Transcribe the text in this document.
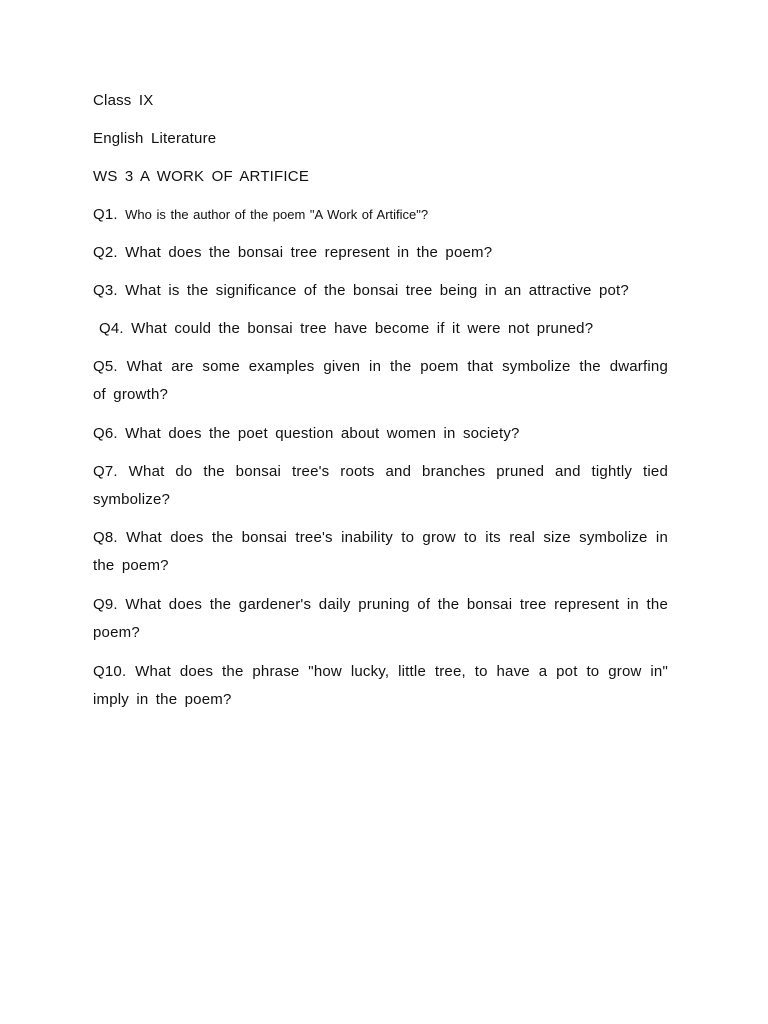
Class IX
English Literature
WS 3 A WORK OF ARTIFICE
Q1. Who is the author of the poem "A Work of Artifice"?
Q2. What does the bonsai tree represent in the poem?
Q3. What is the significance of the bonsai tree being in an attractive pot?
Q4. What could the bonsai tree have become if it were not pruned?
Q5. What are some examples given in the poem that symbolize the dwarfing of growth?
Q6. What does the poet question about women in society?
Q7. What do the bonsai tree's roots and branches pruned and tightly tied symbolize?
Q8. What does the bonsai tree's inability to grow to its real size symbolize in the poem?
Q9. What does the gardener's daily pruning of the bonsai tree represent in the poem?
Q10. What does the phrase "how lucky, little tree, to have a pot to grow in" imply in the poem?
